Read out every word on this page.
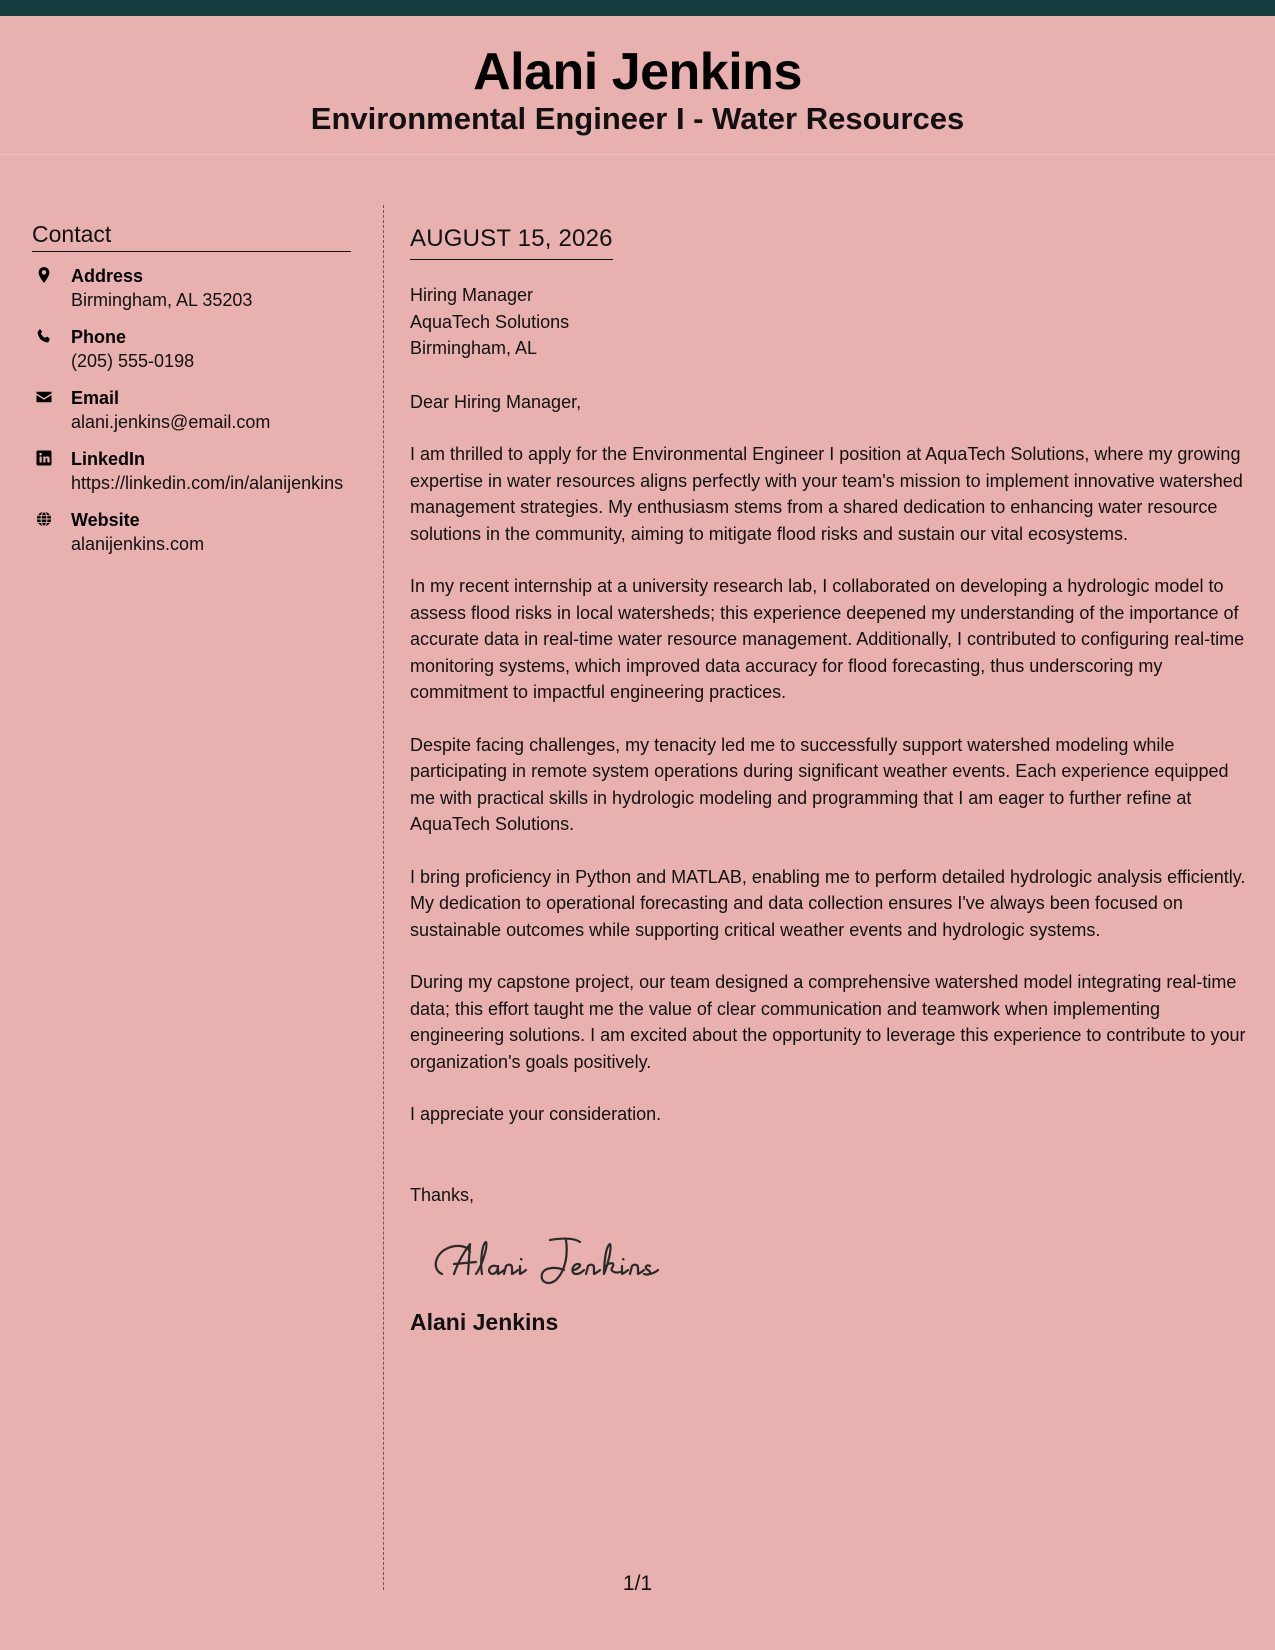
Alani Jenkins
Environmental Engineer I - Water Resources
Contact
Address
Birmingham, AL 35203
Phone
(205) 555-0198
Email
alani.jenkins@email.com
LinkedIn
https://linkedin.com/in/alanijenkins
Website
alanijenkins.com
AUGUST 15, 2026
Hiring Manager
AquaTech Solutions
Birmingham, AL
Dear Hiring Manager,

I am thrilled to apply for the Environmental Engineer I position at AquaTech Solutions, where my growing expertise in water resources aligns perfectly with your team's mission to implement innovative watershed management strategies. My enthusiasm stems from a shared dedication to enhancing water resource solutions in the community, aiming to mitigate flood risks and sustain our vital ecosystems.

In my recent internship at a university research lab, I collaborated on developing a hydrologic model to assess flood risks in local watersheds; this experience deepened my understanding of the importance of accurate data in real-time water resource management. Additionally, I contributed to configuring real-time monitoring systems, which improved data accuracy for flood forecasting, thus underscoring my commitment to impactful engineering practices.

Despite facing challenges, my tenacity led me to successfully support watershed modeling while participating in remote system operations during significant weather events. Each experience equipped me with practical skills in hydrologic modeling and programming that I am eager to further refine at AquaTech Solutions.

I bring proficiency in Python and MATLAB, enabling me to perform detailed hydrologic analysis efficiently. My dedication to operational forecasting and data collection ensures I've always been focused on sustainable outcomes while supporting critical weather events and hydrologic systems.

During my capstone project, our team designed a comprehensive watershed model integrating real-time data; this effort taught me the value of clear communication and teamwork when implementing engineering solutions. I am excited about the opportunity to leverage this experience to contribute to your organization's goals positively.

I appreciate your consideration.

Thanks,
Alani Jenkins
1/1
